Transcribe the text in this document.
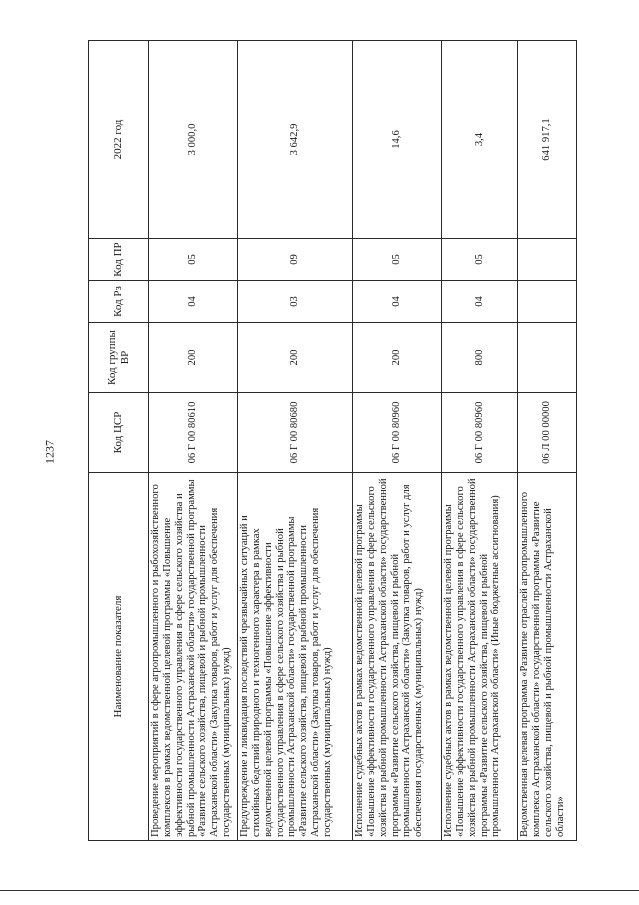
1237
Наименование показателя	Код ЦСР	Код группы ВР	Код Рз	Код ПР	2022 год
Проведение мероприятий в сфере агропромышленного и рыбохозяйственного комплексов в рамках ведомственной целевой программы «Повышение эффективности государственного управления в сфере сельского хозяйства и рыбной промышленности Астраханской области» государственной программы «Развитие сельского хозяйства, пищевой и рыбной промышленности Астраханской области» (Закупка товаров, работ и услуг для обеспечения государственных (муниципальных) нужд)	06 Г 00 80610	200	04	05	3 000,0
Предупреждение и ликвидация последствий чрезвычайных ситуаций и стихийных бедствий природного и техногенного характера в рамках ведомственной целевой программы «Повышение эффективности государственного управления в сфере сельского хозяйства и рыбной промышленности Астраханской области» государственной программы «Развитие сельского хозяйства, пищевой и рыбной промышленности Астраханской области» (Закупка товаров, работ и услуг для обеспечения государственных (муниципальных) нужд)	06 Г 00 80680	200	03	09	3 642,9
Исполнение судебных актов в рамках ведомственной целевой программы «Повышение эффективности государственного управления в сфере сельского хозяйства и рыбной промышленности Астраханской области» государственной программы «Развитие сельского хозяйства, пищевой и рыбной промышленности Астраханской области» (Закупка товаров, работ и услуг для обеспечения государственных (муниципальных) нужд)	06 Г 00 80960	200	04	05	14,6
Исполнение судебных актов в рамках ведомственной целевой программы «Повышение эффективности государственного управления в сфере сельского хозяйства и рыбной промышленности Астраханской области» государственной программы «Развитие сельского хозяйства, пищевой и рыбной промышленности Астраханской области» (Иные бюджетные ассигнования)	06 Г 00 80960	800	04	05	3,4
Ведомственная целевая программа «Развитие отраслей агропромышленного комплекса Астраханской области» государственной программы «Развитие сельского хозяйства, пищевой и рыбной промышленности Астраханской области»	06 Л 00 00000				641 917,1
